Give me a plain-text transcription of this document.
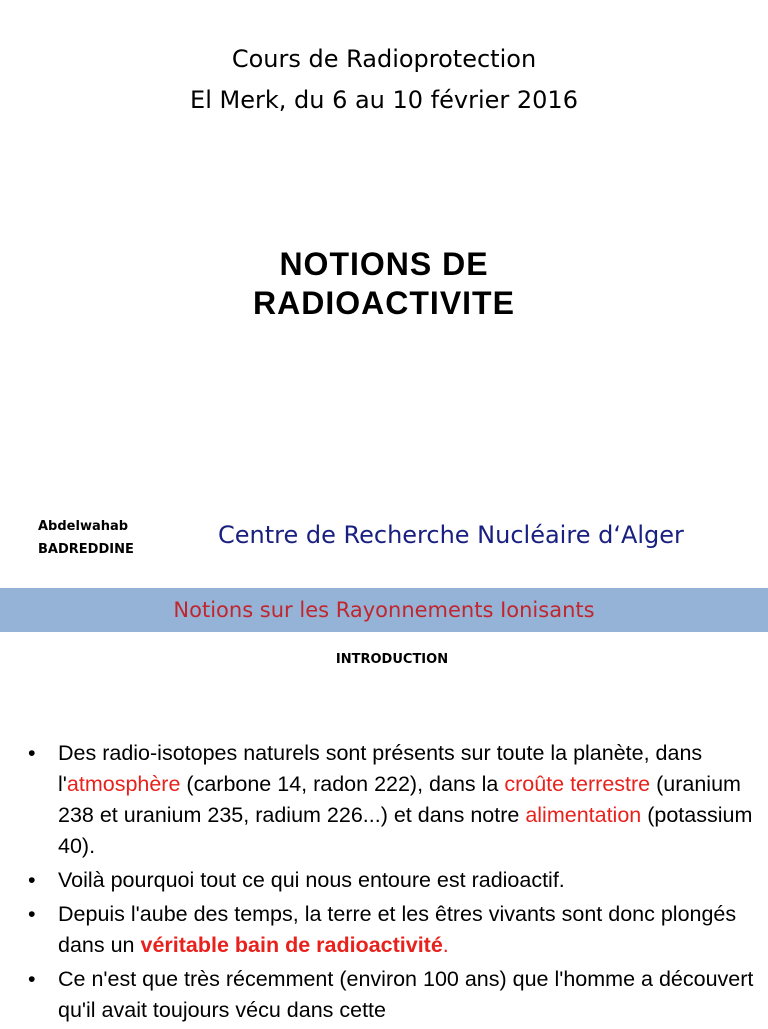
Cours de Radioprotection
El Merk, du 6 au 10 février 2016
NOTIONS DE
RADIOACTIVITE
Abdelwahab
BADREDDINE
Centre de Recherche Nucléaire d‘Alger
Notions sur les Rayonnements Ionisants
INTRODUCTION
• Des radio-isotopes naturels sont présents sur toute la planète, dans l'atmosphère (carbone 14, radon 222), dans la croûte terrestre (uranium 238 et uranium 235, radium 226...) et dans notre alimentation (potassium 40).
• Voilà pourquoi tout ce qui nous entoure est radioactif.
• Depuis l'aube des temps, la terre et les êtres vivants sont donc plongés dans un véritable bain de radioactivité.
• Ce n'est que très récemment (environ 100 ans) que l'homme a découvert qu'il avait toujours vécu dans cette
